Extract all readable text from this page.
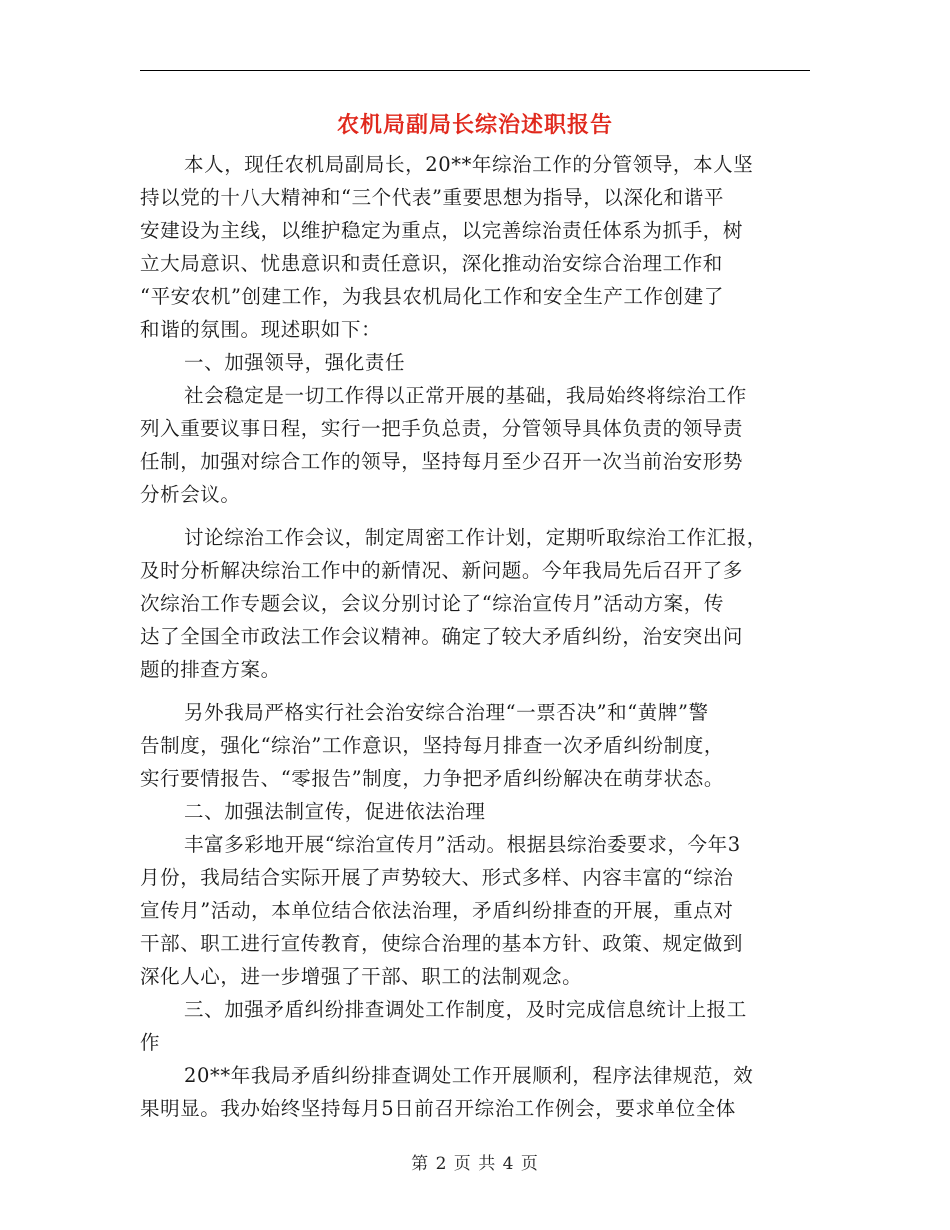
农机局副局长综治述职报告
本人，现任农机局副局长，20**年综治工作的分管领导，本人坚
持以党的十八大精神和“三个代表”重要思想为指导，以深化和谐平
安建设为主线，以维护稳定为重点，以完善综治责任体系为抓手，树
立大局意识、忧患意识和责任意识，深化推动治安综合治理工作和
“平安农机”创建工作，为我县农机局化工作和安全生产工作创建了
和谐的氛围。现述职如下：
一、加强领导，强化责任
社会稳定是一切工作得以正常开展的基础，我局始终将综治工作
列入重要议事日程，实行一把手负总责，分管领导具体负责的领导责
任制，加强对综合工作的领导，坚持每月至少召开一次当前治安形势
分析会议。
讨论综治工作会议，制定周密工作计划，定期听取综治工作汇报，
及时分析解决综治工作中的新情况、新问题。今年我局先后召开了多
次综治工作专题会议，会议分别讨论了“综治宣传月”活动方案，传
达了全国全市政法工作会议精神。确定了较大矛盾纠纷，治安突出问
题的排查方案。
另外我局严格实行社会治安综合治理“一票否决”和“黄牌”警
告制度，强化“综治”工作意识，坚持每月排查一次矛盾纠纷制度，
实行要情报告、“零报告”制度，力争把矛盾纠纷解决在萌芽状态。
二、加强法制宣传，促进依法治理
丰富多彩地开展“综治宣传月”活动。根据县综治委要求，今年3
月份，我局结合实际开展了声势较大、形式多样、内容丰富的“综治
宣传月”活动，本单位结合依法治理，矛盾纠纷排查的开展，重点对
干部、职工进行宣传教育，使综合治理的基本方针、政策、规定做到
深化人心，进一步增强了干部、职工的法制观念。
三、加强矛盾纠纷排查调处工作制度，及时完成信息统计上报工
作
20**年我局矛盾纠纷排查调处工作开展顺利，程序法律规范，效
果明显。我办始终坚持每月5日前召开综治工作例会，要求单位全体
第 2 页 共 4 页
